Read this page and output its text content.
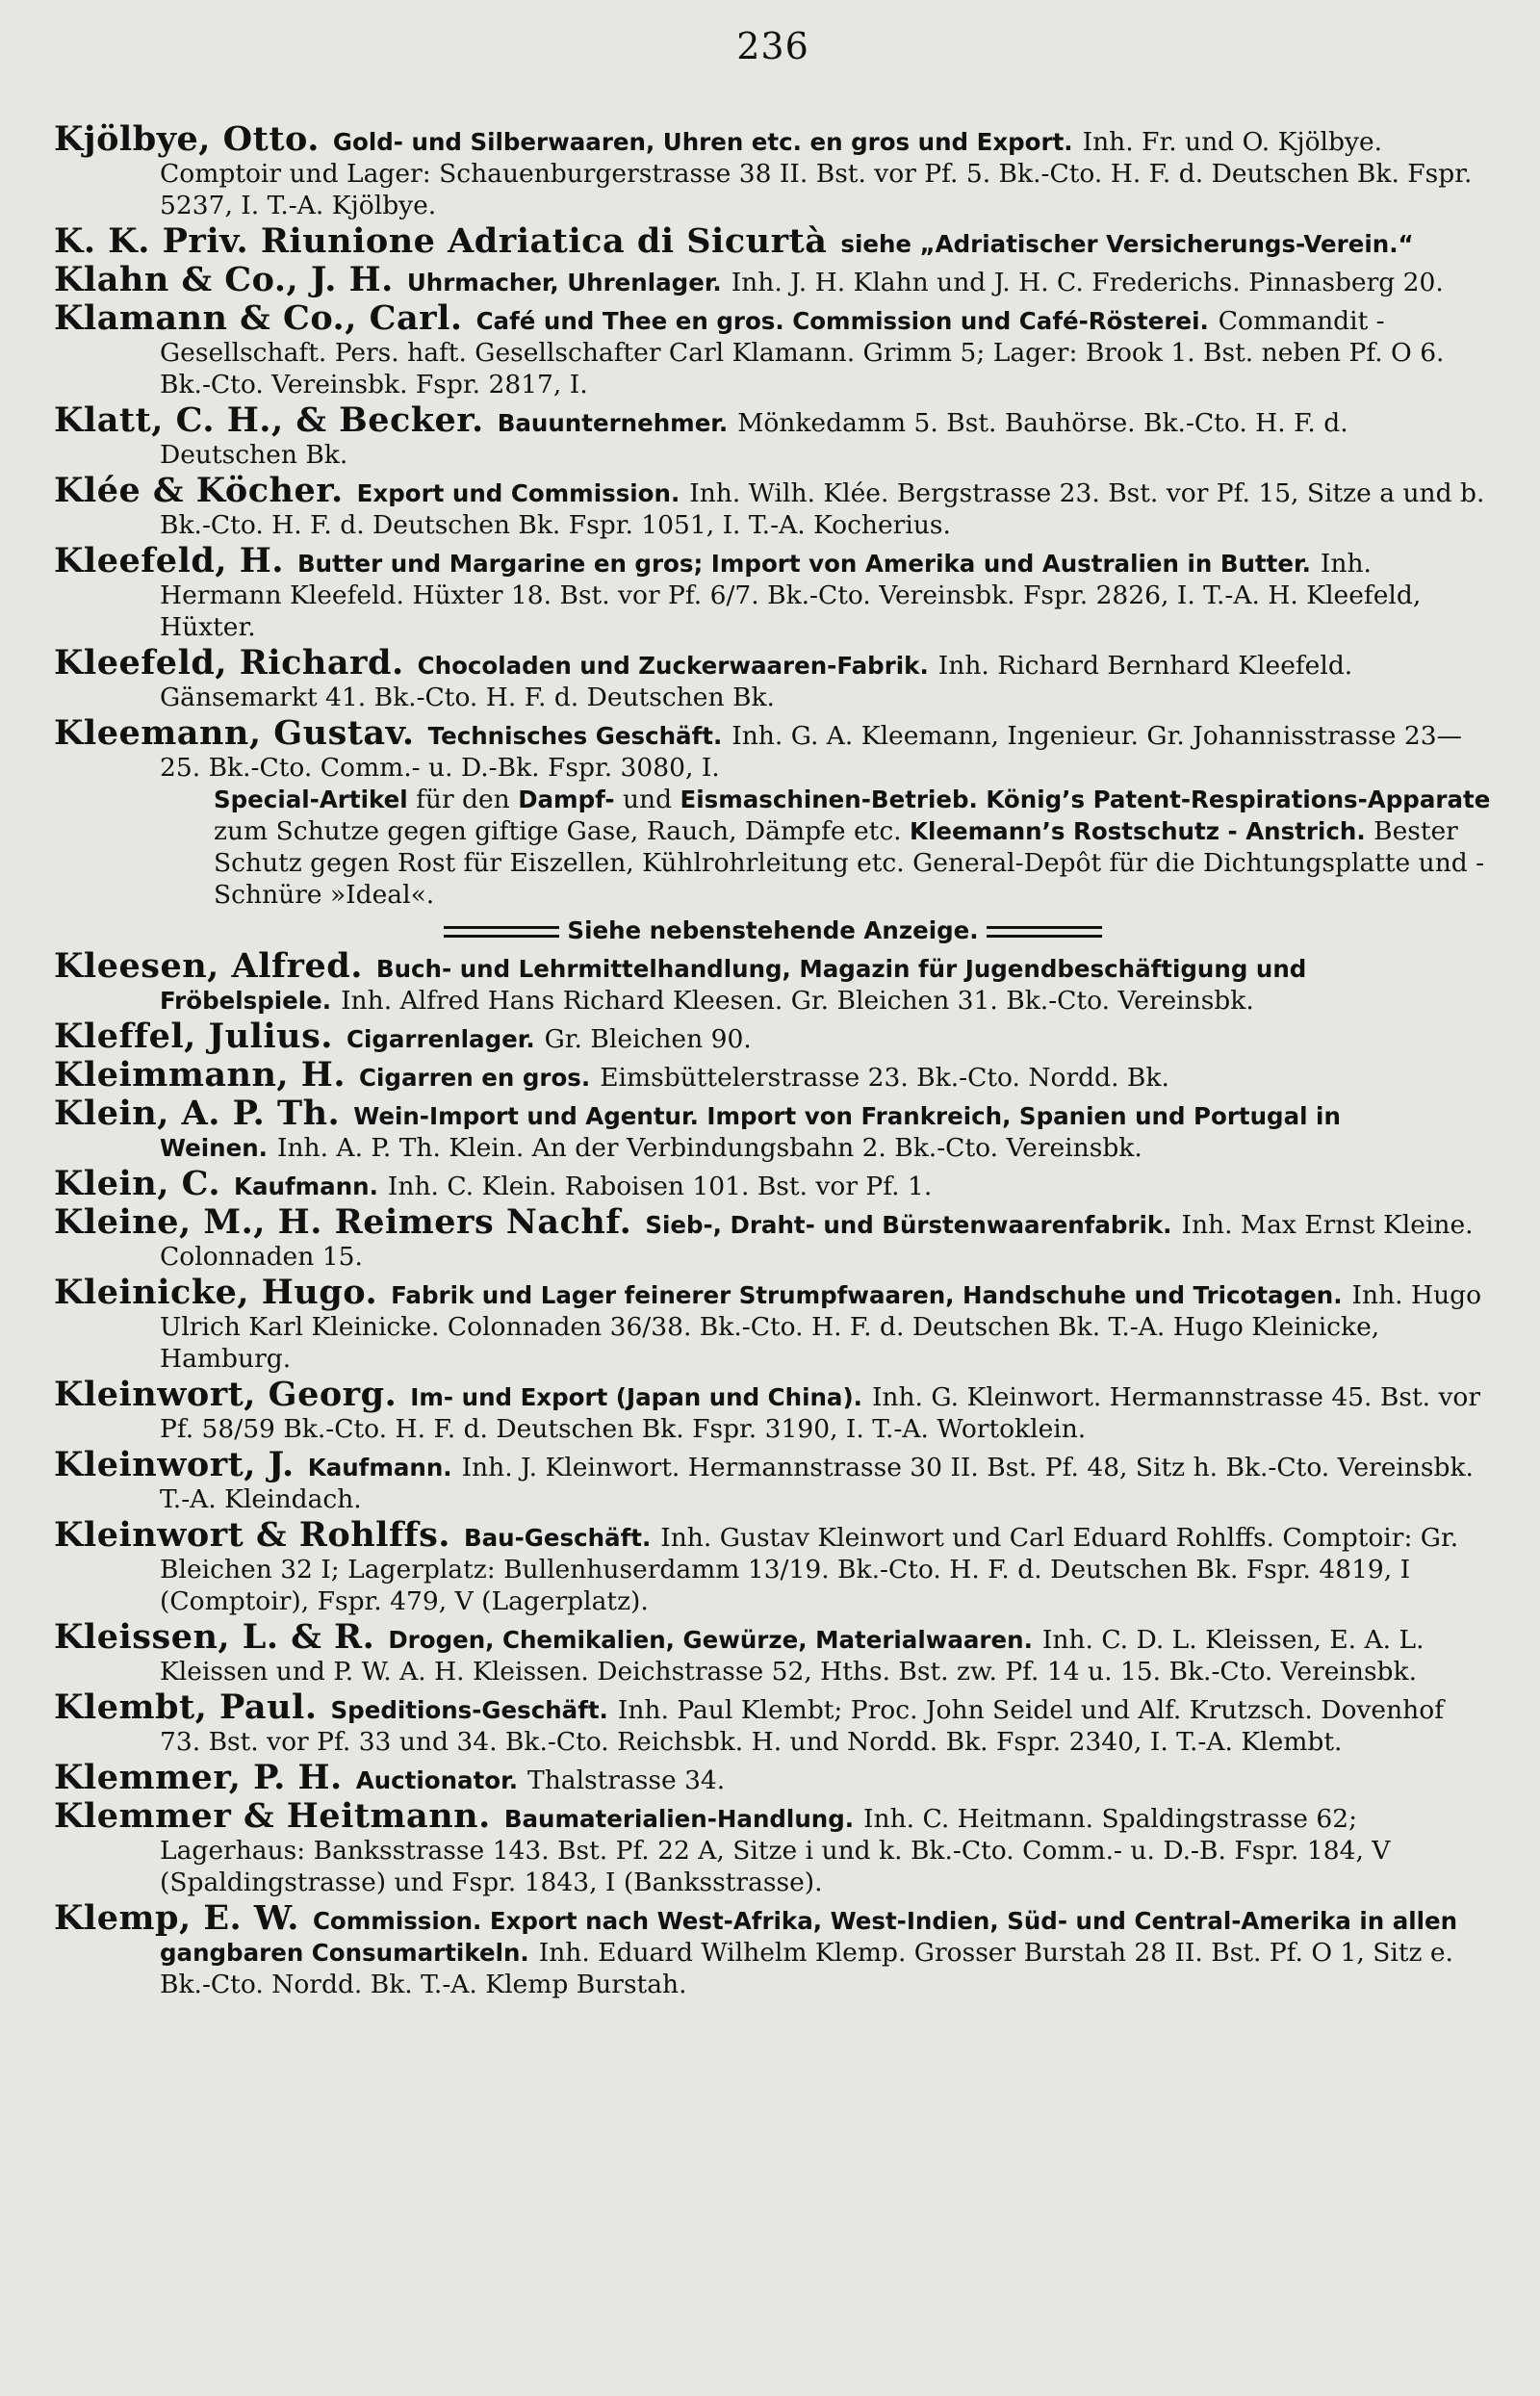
236
Kjölbye, Otto. Gold- und Silberwaaren, Uhren etc. en gros und Export. Inh. Fr. und O. Kjölbye. Comptoir und Lager: Schauenburgerstrasse 38 II. Bst. vor Pf. 5. Bk.-Cto. H. F. d. Deutschen Bk. Fspr. 5237, I. T.-A. Kjölbye.
K. K. Priv. Riunione Adriatica di Sicurtà siehe „Adriatischer Versicherungs-Verein.“
Klahn & Co., J. H. Uhrmacher, Uhrenlager. Inh. J. H. Klahn und J. H. C. Frederichs. Pinnasberg 20.
Klamann & Co., Carl. Café und Thee en gros. Commission und Café-Rösterei. Commandit - Gesellschaft. Pers. haft. Gesellschafter Carl Klamann. Grimm 5; Lager: Brook 1. Bst. neben Pf. O 6. Bk.-Cto. Vereinsbk. Fspr. 2817, I.
Klatt, C. H., & Becker. Bauunternehmer. Mönkedamm 5. Bst. Bauhörse. Bk.-Cto. H. F. d. Deutschen Bk.
Klée & Köcher. Export und Commission. Inh. Wilh. Klée. Bergstrasse 23. Bst. vor Pf. 15, Sitze a und b. Bk.-Cto. H. F. d. Deutschen Bk. Fspr. 1051, I. T.-A. Kocherius.
Kleefeld, H. Butter und Margarine en gros; Import von Amerika und Australien in Butter. Inh. Hermann Kleefeld. Hüxter 18. Bst. vor Pf. 6/7. Bk.-Cto. Vereinsbk. Fspr. 2826, I. T.-A. H. Kleefeld, Hüxter.
Kleefeld, Richard. Chocoladen und Zuckerwaaren-Fabrik. Inh. Richard Bernhard Kleefeld. Gänsemarkt 41. Bk.-Cto. H. F. d. Deutschen Bk.
Kleemann, Gustav. Technisches Geschäft. Inh. G. A. Kleemann, Ingenieur. Gr. Johannisstrasse 23—25. Bk.-Cto. Comm.- u. D.-Bk. Fspr. 3080, I.
Special-Artikel für den Dampf- und Eismaschinen-Betrieb. König’s Patent-Respirations-Apparate zum Schutze gegen giftige Gase, Rauch, Dämpfe etc. Kleemann’s Rostschutz - Anstrich. Bester Schutz gegen Rost für Eiszellen, Kühlrohrleitung etc. General-Depôt für die Dichtungsplatte und -Schnüre »Ideal«.
Siehe nebenstehende Anzeige.
Kleesen, Alfred. Buch- und Lehrmittelhandlung, Magazin für Jugendbeschäftigung und Fröbelspiele. Inh. Alfred Hans Richard Kleesen. Gr. Bleichen 31. Bk.-Cto. Vereinsbk.
Kleffel, Julius. Cigarrenlager. Gr. Bleichen 90.
Kleimmann, H. Cigarren en gros. Eimsbüttelerstrasse 23. Bk.-Cto. Nordd. Bk.
Klein, A. P. Th. Wein-Import und Agentur. Import von Frankreich, Spanien und Portugal in Weinen. Inh. A. P. Th. Klein. An der Verbindungsbahn 2. Bk.-Cto. Vereinsbk.
Klein, C. Kaufmann. Inh. C. Klein. Raboisen 101. Bst. vor Pf. 1.
Kleine, M., H. Reimers Nachf. Sieb-, Draht- und Bürstenwaarenfabrik. Inh. Max Ernst Kleine. Colonnaden 15.
Kleinicke, Hugo. Fabrik und Lager feinerer Strumpfwaaren, Handschuhe und Tricotagen. Inh. Hugo Ulrich Karl Kleinicke. Colonnaden 36/38. Bk.-Cto. H. F. d. Deutschen Bk. T.-A. Hugo Kleinicke, Hamburg.
Kleinwort, Georg. Im- und Export (Japan und China). Inh. G. Kleinwort. Hermannstrasse 45. Bst. vor Pf. 58/59 Bk.-Cto. H. F. d. Deutschen Bk. Fspr. 3190, I. T.-A. Wortoklein.
Kleinwort, J. Kaufmann. Inh. J. Kleinwort. Hermannstrasse 30 II. Bst. Pf. 48, Sitz h. Bk.-Cto. Vereinsbk. T.-A. Kleindach.
Kleinwort & Rohlffs. Bau-Geschäft. Inh. Gustav Kleinwort und Carl Eduard Rohlffs. Comptoir: Gr. Bleichen 32 I; Lagerplatz: Bullenhuserdamm 13/19. Bk.-Cto. H. F. d. Deutschen Bk. Fspr. 4819, I (Comptoir), Fspr. 479, V (Lagerplatz).
Kleissen, L. & R. Drogen, Chemikalien, Gewürze, Materialwaaren. Inh. C. D. L. Kleissen, E. A. L. Kleissen und P. W. A. H. Kleissen. Deichstrasse 52, Hths. Bst. zw. Pf. 14 u. 15. Bk.-Cto. Vereinsbk.
Klembt, Paul. Speditions-Geschäft. Inh. Paul Klembt; Proc. John Seidel und Alf. Krutzsch. Dovenhof 73. Bst. vor Pf. 33 und 34. Bk.-Cto. Reichsbk. H. und Nordd. Bk. Fspr. 2340, I. T.-A. Klembt.
Klemmer, P. H. Auctionator. Thalstrasse 34.
Klemmer & Heitmann. Baumaterialien-Handlung. Inh. C. Heitmann. Spaldingstrasse 62; Lagerhaus: Banksstrasse 143. Bst. Pf. 22 A, Sitze i und k. Bk.-Cto. Comm.- u. D.-B. Fspr. 184, V (Spaldingstrasse) und Fspr. 1843, I (Banksstrasse).
Klemp, E. W. Commission. Export nach West-Afrika, West-Indien, Süd- und Central-Amerika in allen gangbaren Consumartikeln. Inh. Eduard Wilhelm Klemp. Grosser Burstah 28 II. Bst. Pf. O 1, Sitz e. Bk.-Cto. Nordd. Bk. T.-A. Klemp Burstah.
